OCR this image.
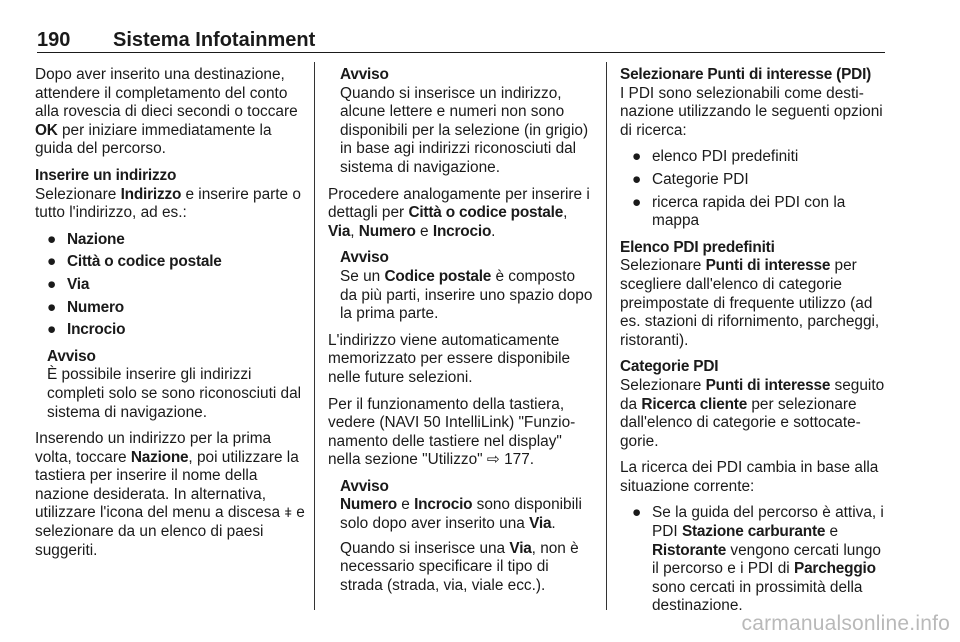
190 Sistema Infotainment

Dopo aver inserito una destinazione, attendere il completamento del conto alla rovescia di dieci secondi o toccare OK per iniziare immediatamente la guida del percorso.

Inserire un indirizzo

Selezionare Indirizzo e inserire parte o tutto l'indirizzo, ad es.:

● Nazione
● Città o codice postale
● Via
● Numero
● Incrocio
Avviso

È possibile inserire gli indirizzi completi solo se sono riconosciuti dal sistema di navigazione.

Inserendo un indirizzo per la prima volta, toccare Nazione, poi utilizzare la tastiera per inserire il nome della nazione desiderata. In alternativa, utilizzare l'icona del menu a discesa ǂ e selezionare da un elenco di paesi suggeriti.

Avviso

Quando si inserisce un indirizzo, alcune lettere e numeri non sono disponibili per la selezione (in grigio) in base agi indirizzi riconosciuti dal sistema di navigazione.

Procedere analogamente per inserire i dettagli per Città o codice postale, Via, Numero e Incrocio.

Avviso

Se un Codice postale è composto da più parti, inserire uno spazio dopo la prima parte.

L'indirizzo viene automaticamente memorizzato per essere disponibile nelle future selezioni.

Per il funzionamento della tastiera, vedere (NAVI 50 IntelliLink) "Funzionamento delle tastiere nel display" nella sezione "Utilizzo" ⇨ 177.

Avviso

Numero e Incrocio sono disponibili solo dopo aver inserito una Via.

Quando si inserisce una Via, non è necessario specificare il tipo di strada (strada, via, viale ecc.).

Selezionare Punti di interesse (PDI)

I PDI sono selezionabili come destinazione utilizzando le seguenti opzioni di ricerca:

● elenco PDI predefiniti
● Categorie PDI
● ricerca rapida dei PDI con la mappa
Elenco PDI predefiniti

Selezionare Punti di interesse per scegliere dall'elenco di categorie preimpostate di frequente utilizzo (ad es. stazioni di rifornimento, parcheggi, ristoranti).

Categorie PDI

Selezionare Punti di interesse seguito da Ricerca cliente per selezionare dall'elenco di categorie e sottocategorie.

La ricerca dei PDI cambia in base alla situazione corrente:

● Se la guida del percorso è attiva, i PDI Stazione carburante e Ristorante vengono cercati lungo il percorso e i PDI di Parcheggio sono cercati in prossimità della destinazione.
carmanualsonline.info
